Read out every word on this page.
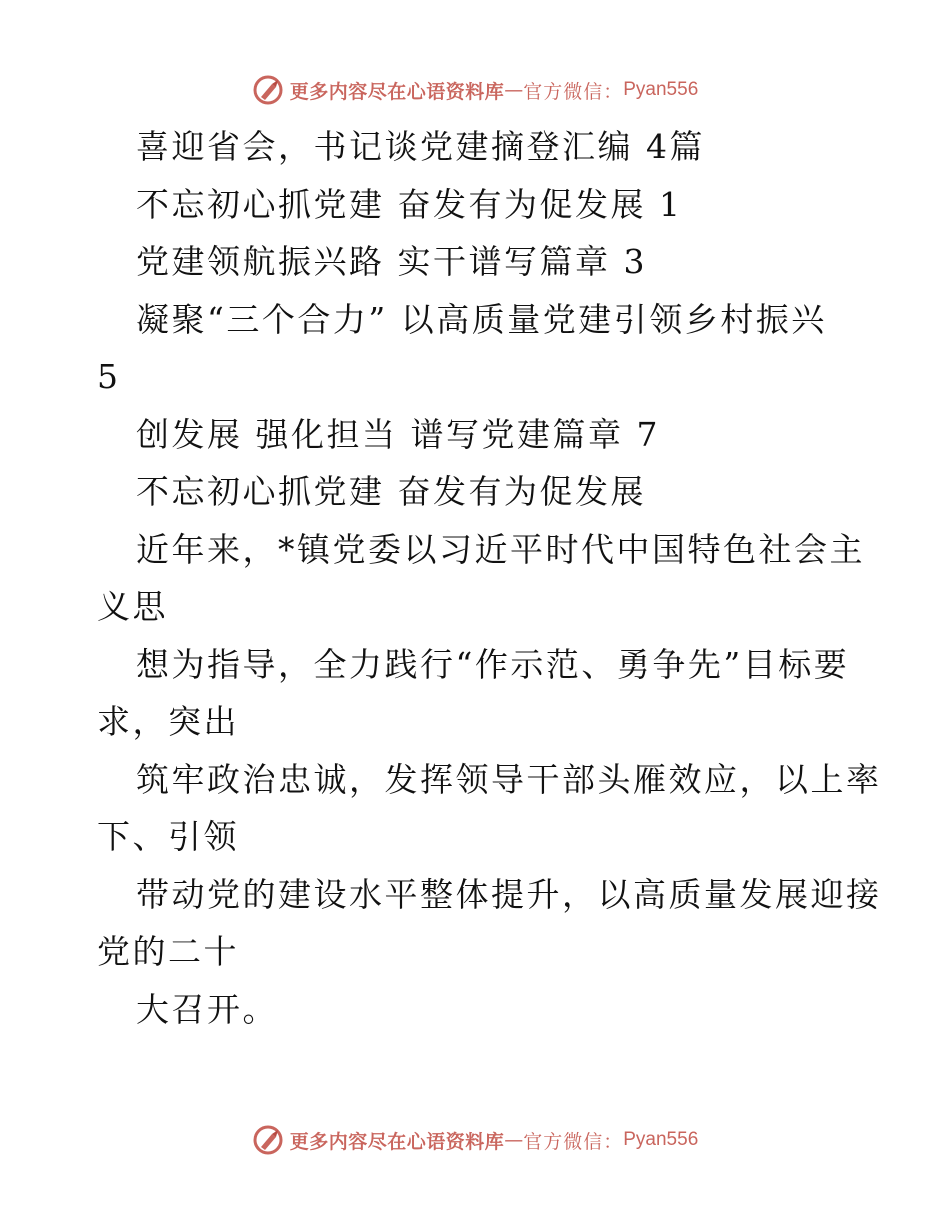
更多内容尽在心语资料库 — 官方微信： Pyan556
喜迎省会，书记谈党建摘登汇编 4篇
不忘初心抓党建 奋发有为促发展 1
党建领航振兴路 实干谱写篇章 3
凝聚“三个合力” 以高质量党建引领乡村振兴
5
创发展 强化担当 谱写党建篇章 7
不忘初心抓党建 奋发有为促发展
近年来，*镇党委以习近平时代中国特色社会主
义思
想为指导，全力践行“作示范、勇争先”目标要
求，突出
筑牢政治忠诚，发挥领导干部头雁效应，以上率
下、引领
带动党的建设水平整体提升，以高质量发展迎接
党的二十
大召开。
更多内容尽在心语资料库 — 官方微信： Pyan556
